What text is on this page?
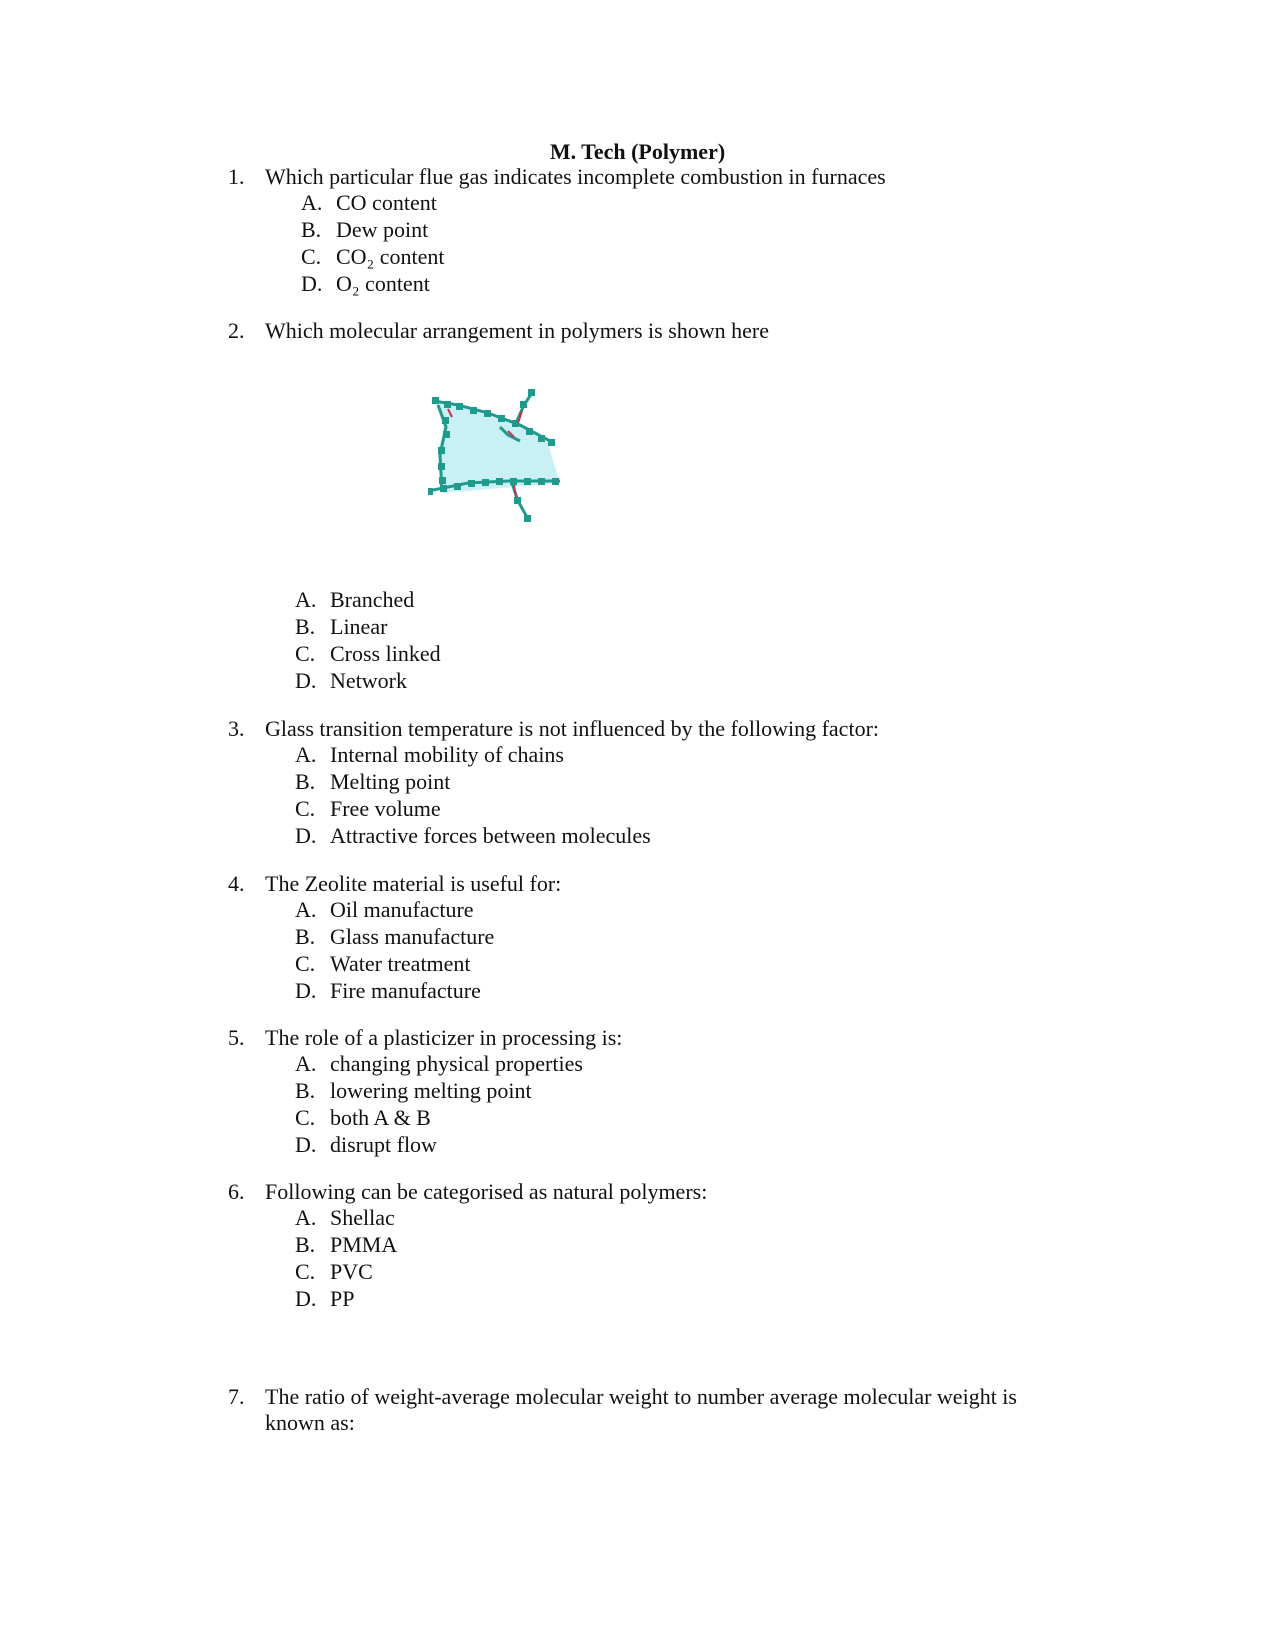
M. Tech (Polymer)
1. Which particular flue gas indicates incomplete combustion in furnaces
A. CO content
B. Dew point
C. CO₂ content
D. O₂ content
2. Which molecular arrangement in polymers is shown here
A. Branched
B. Linear
C. Cross linked
D. Network
3. Glass transition temperature is not influenced by the following factor:
A. Internal mobility of chains
B. Melting point
C. Free volume
D. Attractive forces between molecules
4. The Zeolite material is useful for:
A. Oil manufacture
B. Glass manufacture
C. Water treatment
D. Fire manufacture
5. The role of a plasticizer in processing is:
A. changing physical properties
B. lowering melting point
C. both A & B
D. disrupt flow
6. Following can be categorised as natural polymers:
A. Shellac
B. PMMA
C. PVC
D. PP
7. The ratio of weight-average molecular weight to number average molecular weight is known as:
